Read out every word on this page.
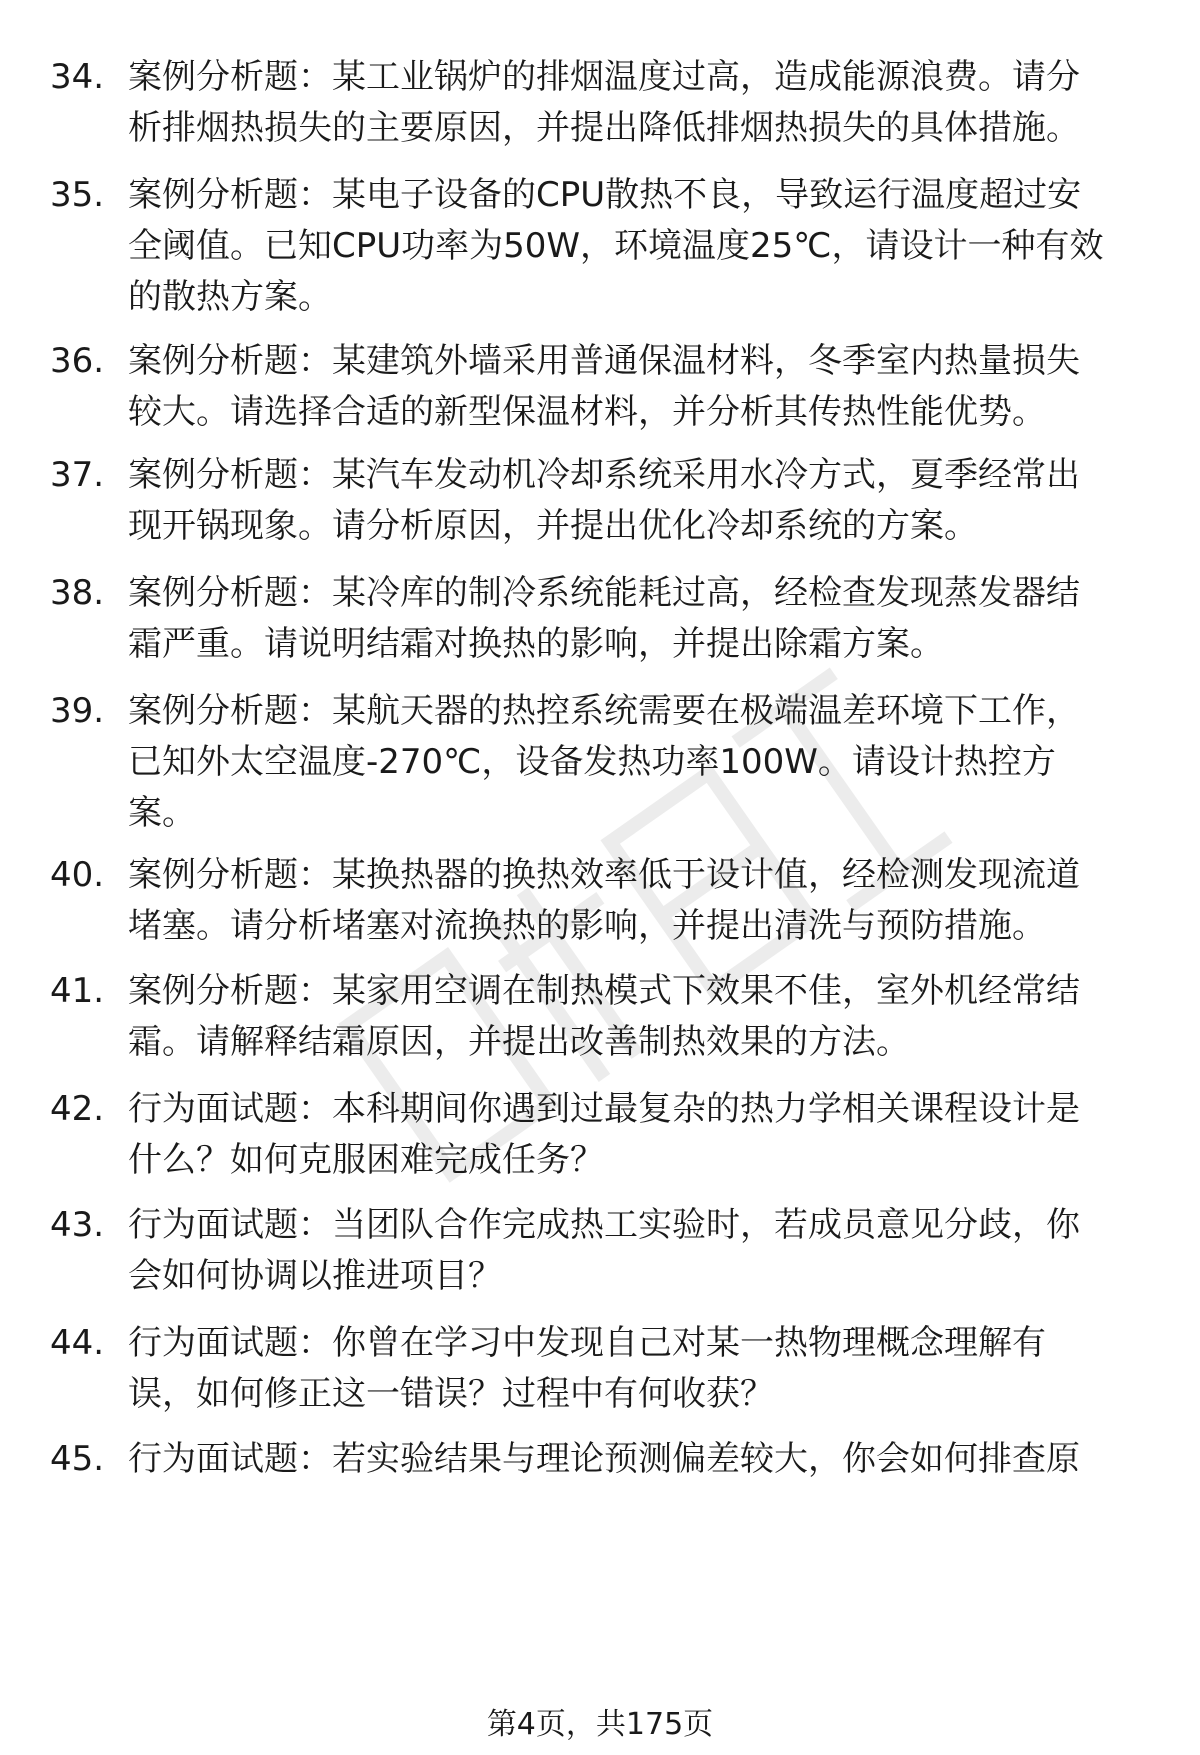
34. 案例分析题：某工业锅炉的排烟温度过高，造成能源浪费。请分
析排烟热损失的主要原因，并提出降低排烟热损失的具体措施。
35. 案例分析题：某电子设备的CPU散热不良，导致运行温度超过安
全阈值。已知CPU功率为50W，环境温度25℃，请设计一种有效
的散热方案。
36. 案例分析题：某建筑外墙采用普通保温材料，冬季室内热量损失
较大。请选择合适的新型保温材料，并分析其传热性能优势。
37. 案例分析题：某汽车发动机冷却系统采用水冷方式，夏季经常出
现开锅现象。请分析原因，并提出优化冷却系统的方案。
38. 案例分析题：某冷库的制冷系统能耗过高，经检查发现蒸发器结
霜严重。请说明结霜对换热的影响，并提出除霜方案。
39. 案例分析题：某航天器的热控系统需要在极端温差环境下工作，
已知外太空温度-270℃，设备发热功率100W。请设计热控方
案。
40. 案例分析题：某换热器的换热效率低于设计值，经检测发现流道
堵塞。请分析堵塞对流换热的影响，并提出清洗与预防措施。
41. 案例分析题：某家用空调在制热模式下效果不佳，室外机经常结
霜。请解释结霜原因，并提出改善制热效果的方法。
42. 行为面试题：本科期间你遇到过最复杂的热力学相关课程设计是
什么？如何克服困难完成任务？
43. 行为面试题：当团队合作完成热工实验时，若成员意见分歧，你
会如何协调以推进项目？
44. 行为面试题：你曾在学习中发现自己对某一热物理概念理解有
误，如何修正这一错误？过程中有何收获？
45. 行为面试题：若实验结果与理论预测偏差较大，你会如何排查原
第4页，共175页
